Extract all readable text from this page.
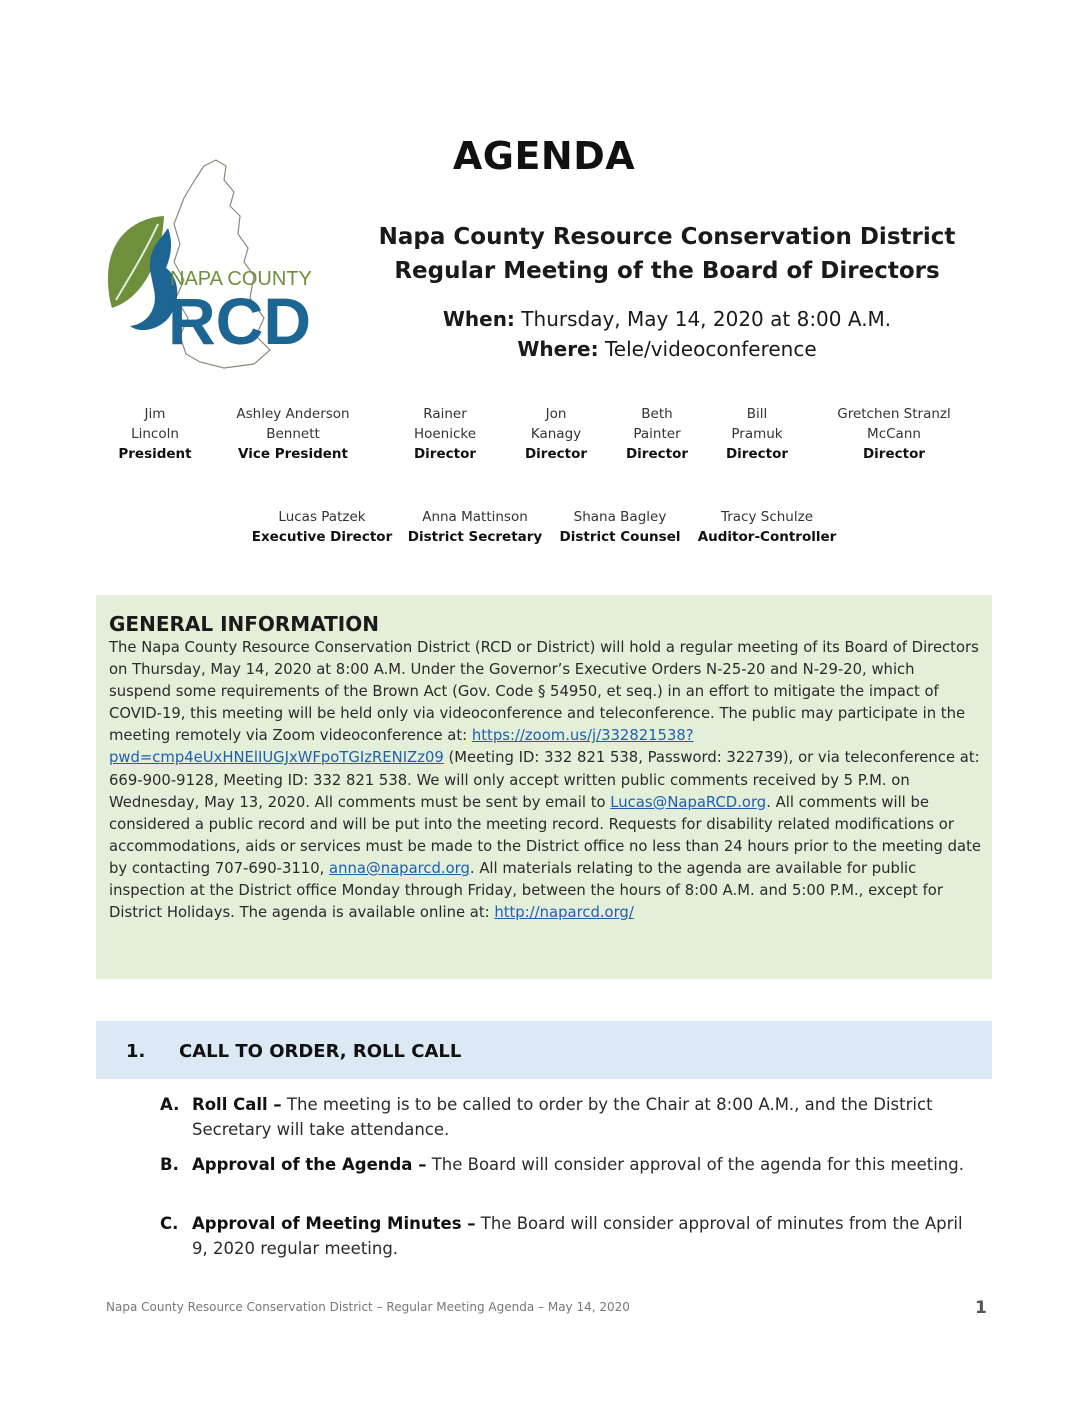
AGENDA
NAPA COUNTY
RCD
Napa County Resource Conservation District
Regular Meeting of the Board of Directors
When: Thursday, May 14, 2020 at 8:00 A.M.
Where: Tele/videoconference
Jim
Lincoln
President
Ashley Anderson
Bennett
Vice President
Rainer
Hoenicke
Director
Jon
Kanagy
Director
Beth
Painter
Director
Bill
Pramuk
Director
Gretchen Stranzl
McCann
Director
Lucas Patzek
Executive Director
Anna Mattinson
District Secretary
Shana Bagley
District Counsel
Tracy Schulze
Auditor-Controller
GENERAL INFORMATION
The Napa County Resource Conservation District (RCD or District) will hold a regular meeting of its Board of Directors on Thursday, May 14, 2020 at 8:00 A.M. Under the Governor’s Executive Orders N-25-20 and N-29-20, which suspend some requirements of the Brown Act (Gov. Code § 54950, et seq.) in an effort to mitigate the impact of COVID-19, this meeting will be held only via videoconference and teleconference. The public may participate in the meeting remotely via Zoom videoconference at: https://zoom.us/j/332821538?pwd=cmp4eUxHNElIUGJxWFpoTGIzRENIZz09 (Meeting ID: 332 821 538, Password: 322739), or via teleconference at: 669-900-9128, Meeting ID: 332 821 538. We will only accept written public comments received by 5 P.M. on Wednesday, May 13, 2020. All comments must be sent by email to Lucas@NapaRCD.org. All comments will be considered a public record and will be put into the meeting record. Requests for disability related modifications or accommodations, aids or services must be made to the District office no less than 24 hours prior to the meeting date by contacting 707-690-3110, anna@naparcd.org. All materials relating to the agenda are available for public inspection at the District office Monday through Friday, between the hours of 8:00 A.M. and 5:00 P.M., except for District Holidays. The agenda is available online at: http://naparcd.org/
1. CALL TO ORDER, ROLL CALL
A. Roll Call – The meeting is to be called to order by the Chair at 8:00 A.M., and the District Secretary will take attendance.
B. Approval of the Agenda – The Board will consider approval of the agenda for this meeting.
C. Approval of Meeting Minutes – The Board will consider approval of minutes from the April 9, 2020 regular meeting.
Napa County Resource Conservation District – Regular Meeting Agenda – May 14, 2020	1
